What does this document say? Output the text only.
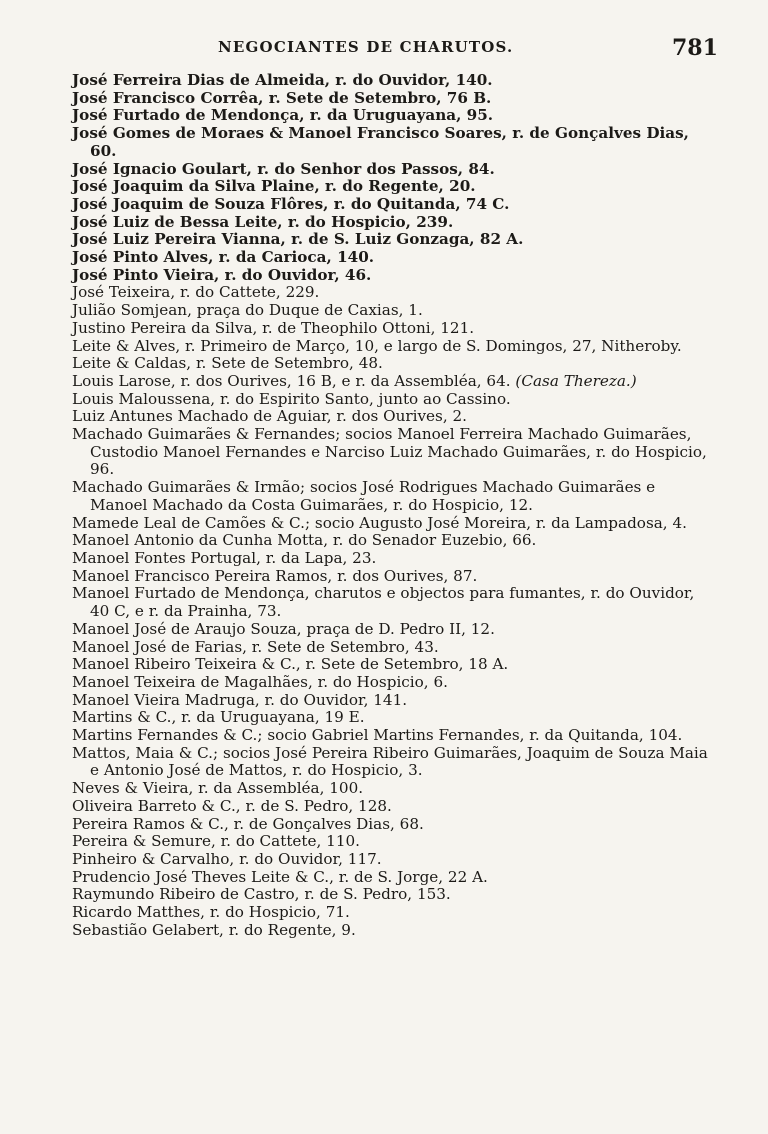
NEGOCIANTES DE CHARUTOS.	781
José Ferreira Dias de Almeida, r. do Ouvidor, 140.
José Francisco Corrêa, r. Sete de Setembro, 76 B.
José Furtado de Mendonça, r. da Uruguayana, 95.
José Gomes de Moraes & Manoel Francisco Soares, r. de Gonçalves Dias, 60.
José Ignacio Goulart, r. do Senhor dos Passos, 84.
José Joaquim da Silva Plaine, r. do Regente, 20.
José Joaquim de Souza Flôres, r. do Quitanda, 74 C.
José Luiz de Bessa Leite, r. do Hospicio, 239.
José Luiz Pereira Vianna, r. de S. Luiz Gonzaga, 82 A.
José Pinto Alves, r. da Carioca, 140.
José Pinto Vieira, r. do Ouvidor, 46.
José Teixeira, r. do Cattete, 229.
Julião Somjean, praça do Duque de Caxias, 1.
Justino Pereira da Silva, r. de Theophilo Ottoni, 121.
Leite & Alves, r. Primeiro de Março, 10, e largo de S. Domingos, 27, Nitheroby.
Leite & Caldas, r. Sete de Setembro, 48.
Louis Larose, r. dos Ourives, 16 B, e r. da Assembléa, 64. (Casa Thereza.)
Louis Maloussena, r. do Espirito Santo, junto ao Cassino.
Luiz Antunes Machado de Aguiar, r. dos Ourives, 2.
Machado Guimarães & Fernandes; socios Manoel Ferreira Machado Guimarães, Custodio Manoel Fernandes e Narciso Luiz Machado Guimarães, r. do Hospicio, 96.
Machado Guimarães & Irmão; socios José Rodrigues Machado Guimarães e Manoel Machado da Costa Guimarães, r. do Hospicio, 12.
Mamede Leal de Camões & C.; socio Augusto José Moreira, r. da Lampadosa, 4.
Manoel Antonio da Cunha Motta, r. do Senador Euzebio, 66.
Manoel Fontes Portugal, r. da Lapa, 23.
Manoel Francisco Pereira Ramos, r. dos Ourives, 87.
Manoel Furtado de Mendonça, charutos e objectos para fumantes, r. do Ouvidor, 40 C, e r. da Prainha, 73.
Manoel José de Araujo Souza, praça de D. Pedro II, 12.
Manoel José de Farias, r. Sete de Setembro, 43.
Manoel Ribeiro Teixeira & C., r. Sete de Setembro, 18 A.
Manoel Teixeira de Magalhães, r. do Hospicio, 6.
Manoel Vieira Madruga, r. do Ouvidor, 141.
Martins & C., r. da Uruguayana, 19 E.
Martins Fernandes & C.; socio Gabriel Martins Fernandes, r. da Quitanda, 104.
Mattos, Maia & C.; socios José Pereira Ribeiro Guimarães, Joaquim de Souza Maia e Antonio José de Mattos, r. do Hospicio, 3.
Neves & Vieira, r. da Assembléa, 100.
Oliveira Barreto & C., r. de S. Pedro, 128.
Pereira Ramos & C., r. de Gonçalves Dias, 68.
Pereira & Semure, r. do Cattete, 110.
Pinheiro & Carvalho, r. do Ouvidor, 117.
Prudencio José Theves Leite & C., r. de S. Jorge, 22 A.
Raymundo Ribeiro de Castro, r. de S. Pedro, 153.
Ricardo Matthes, r. do Hospicio, 71.
Sebastião Gelabert, r. do Regente, 9.
